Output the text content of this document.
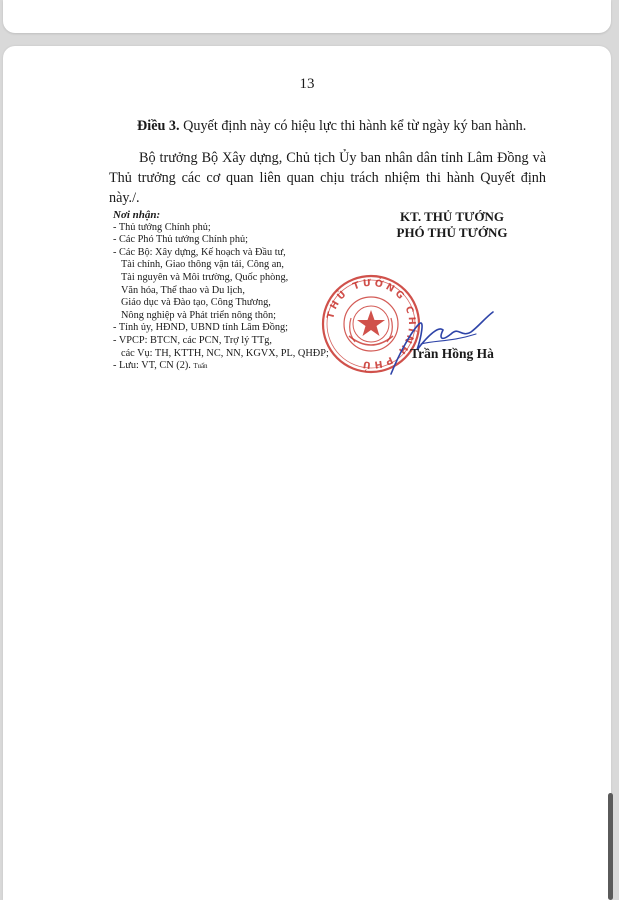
13
Điều 3. Quyết định này có hiệu lực thi hành kể từ ngày ký ban hành.
Bộ trưởng Bộ Xây dựng, Chủ tịch Ủy ban nhân dân tỉnh Lâm Đồng và Thủ trưởng các cơ quan liên quan chịu trách nhiệm thi hành Quyết định này./.
Nơi nhận:
- Thủ tướng Chính phủ;
- Các Phó Thủ tướng Chính phủ;
- Các Bộ: Xây dựng, Kế hoạch và Đầu tư,
Tài chính, Giao thông vận tải, Công an,
Tài nguyên và Môi trường, Quốc phòng,
Văn hóa, Thể thao và Du lịch,
Giáo dục và Đào tạo, Công Thương,
Nông nghiệp và Phát triển nông thôn;
- Tỉnh ủy, HĐND, UBND tỉnh Lâm Đồng;
- VPCP: BTCN, các PCN, Trợ lý TTg,
các Vụ: TH, KTTH, NC, NN, KGVX, PL, QHĐP;
- Lưu: VT, CN (2). Tuấn
KT. THỦ TƯỚNG
PHÓ THỦ TƯỚNG
THỦ TƯỚNG CHÍNH PHỦ
Trần Hồng Hà
